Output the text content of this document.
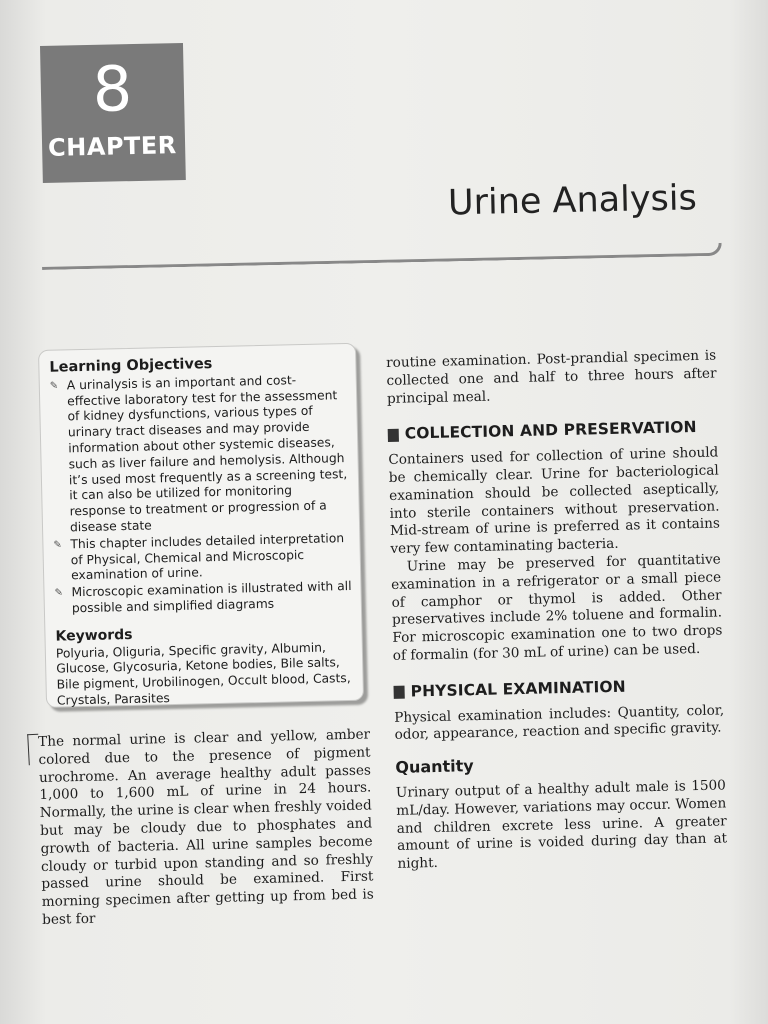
8
CHAPTER
Urine Analysis
Learning Objectives
✎ A urinalysis is an important and cost-effective laboratory test for the assessment of kidney dysfunctions, various types of urinary tract diseases and may provide information about other systemic diseases, such as liver failure and hemolysis. Although it’s used most frequently as a screening test, it can also be utilized for monitoring response to treatment or progression of a disease state
✎ This chapter includes detailed interpretation of Physical, Chemical and Microscopic examination of urine.
✎ Microscopic examination is illustrated with all possible and simplified diagrams
Keywords

Polyuria, Oliguria, Specific gravity, Albumin, Glucose, Glycosuria, Ketone bodies, Bile salts, Bile pigment, Urobilinogen, Occult blood, Casts, Crystals, Parasites

The normal urine is clear and yellow, amber colored due to the presence of pigment urochrome. An average healthy adult passes 1,000 to 1,600 mL of urine in 24 hours. Normally, the urine is clear when freshly voided but may be cloudy due to phosphates and growth of bacteria. All urine samples become cloudy or turbid upon standing and so freshly passed urine should be examined. First morning specimen after getting up from bed is best for

routine examination. Post-prandial specimen is collected one and half to three hours after principal meal.

COLLECTION AND PRESERVATION

Containers used for collection of urine should be chemically clear. Urine for bacteriological examination should be collected aseptically, into sterile containers without preservation. Mid-stream of urine is preferred as it contains very few contaminating bacteria.

Urine may be preserved for quantitative examination in a refrigerator or a small piece of camphor or thymol is added. Other preservatives include 2% toluene and formalin. For microscopic examination one to two drops of formalin (for 30 mL of urine) can be used.

PHYSICAL EXAMINATION

Physical examination includes: Quantity, color, odor, appearance, reaction and specific gravity.

Quantity

Urinary output of a healthy adult male is 1500 mL/day. However, variations may occur. Women and children excrete less urine. A greater amount of urine is voided during day than at night.
